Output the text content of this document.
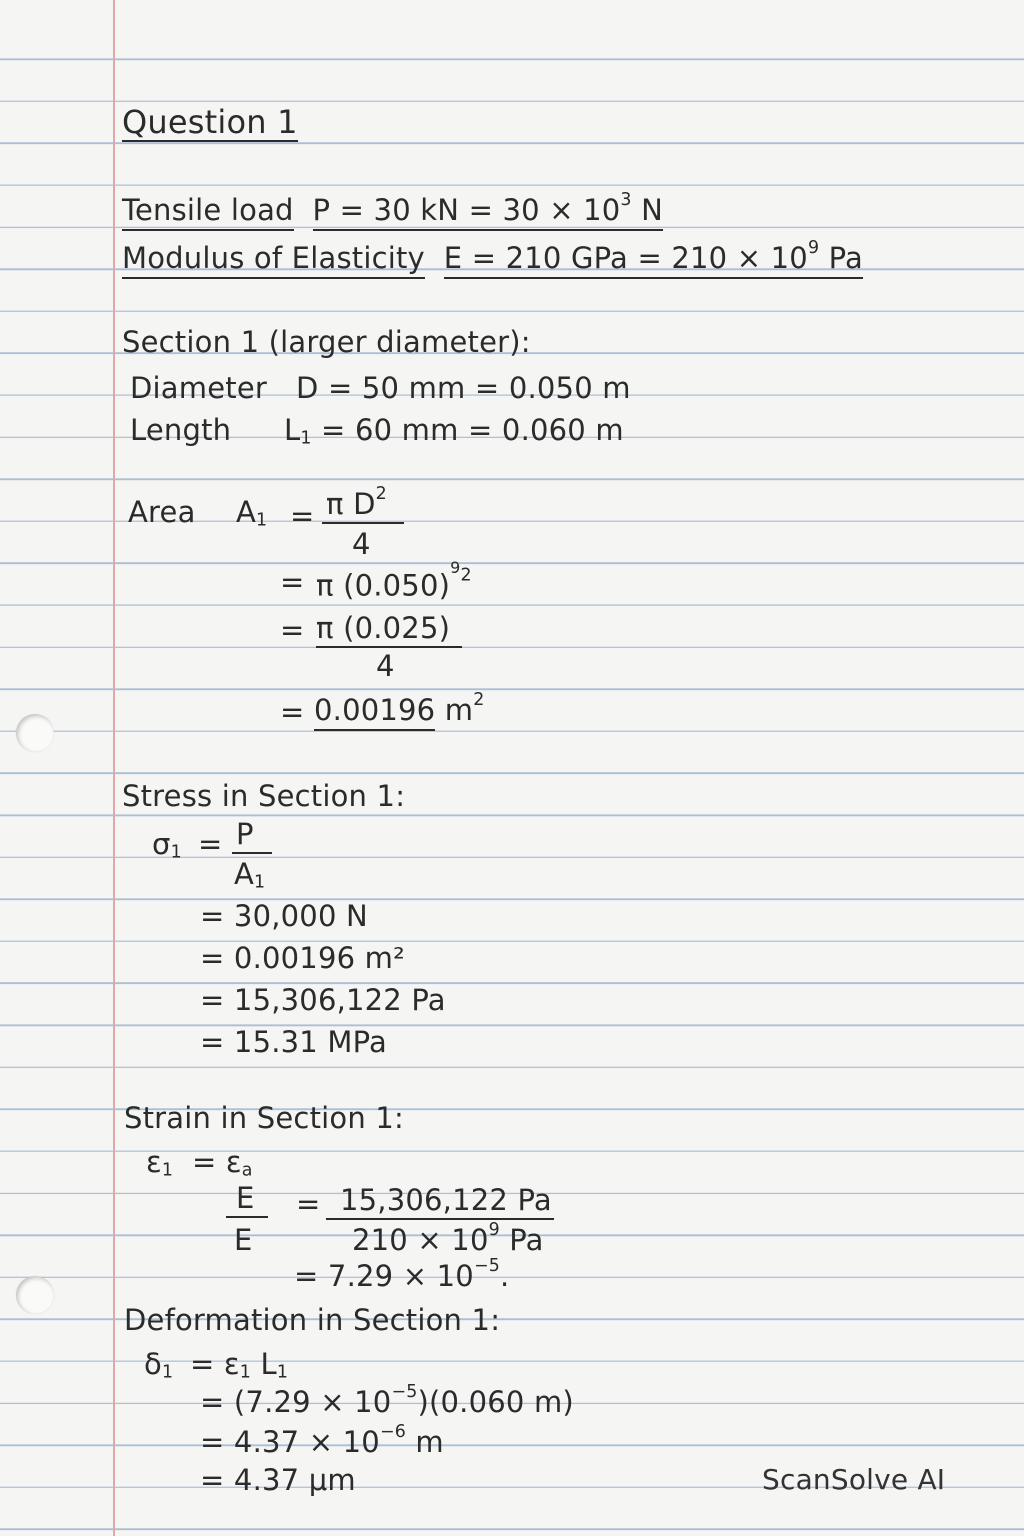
Question 1
Tensile load P = 30 kN = $30 \times 10^3$ N
Modulus of Elasticity E = 210 GPa = $210 \times 10^9$ Pa
Section 1 (larger diameter):
Diameter D = 50 mm = 0.050 m
Length $L_1 = 60$ mm = 0.060 m
Area $A_1 = \pi$ $D^2$
4
= π $(0.050)^{92}$
= π (0.025)
4
= 0.00196 $m^2$
Stress in Section 1:
$\sigma_1 = P$
$A_1$
= 30,000 N
= 0.00196 m²
= 15,306,122 Pa
= 15.31 MPa
Strain in Section 1:
$\varepsilon_1 = \varepsilon_a$
E
E
= 15,306,122 Pa
$210 \times 10^9$ Pa
= $7.29 \times 10^{-5}$.
Deformation in Section 1:
$\delta_1 = \varepsilon_1$ $L_1$
= $(7.29 \times 10^{-5})(0.060$ m)
= $4.37 \times 10^{-6}$ m
= 4.37 μm	ScanSolve AI
